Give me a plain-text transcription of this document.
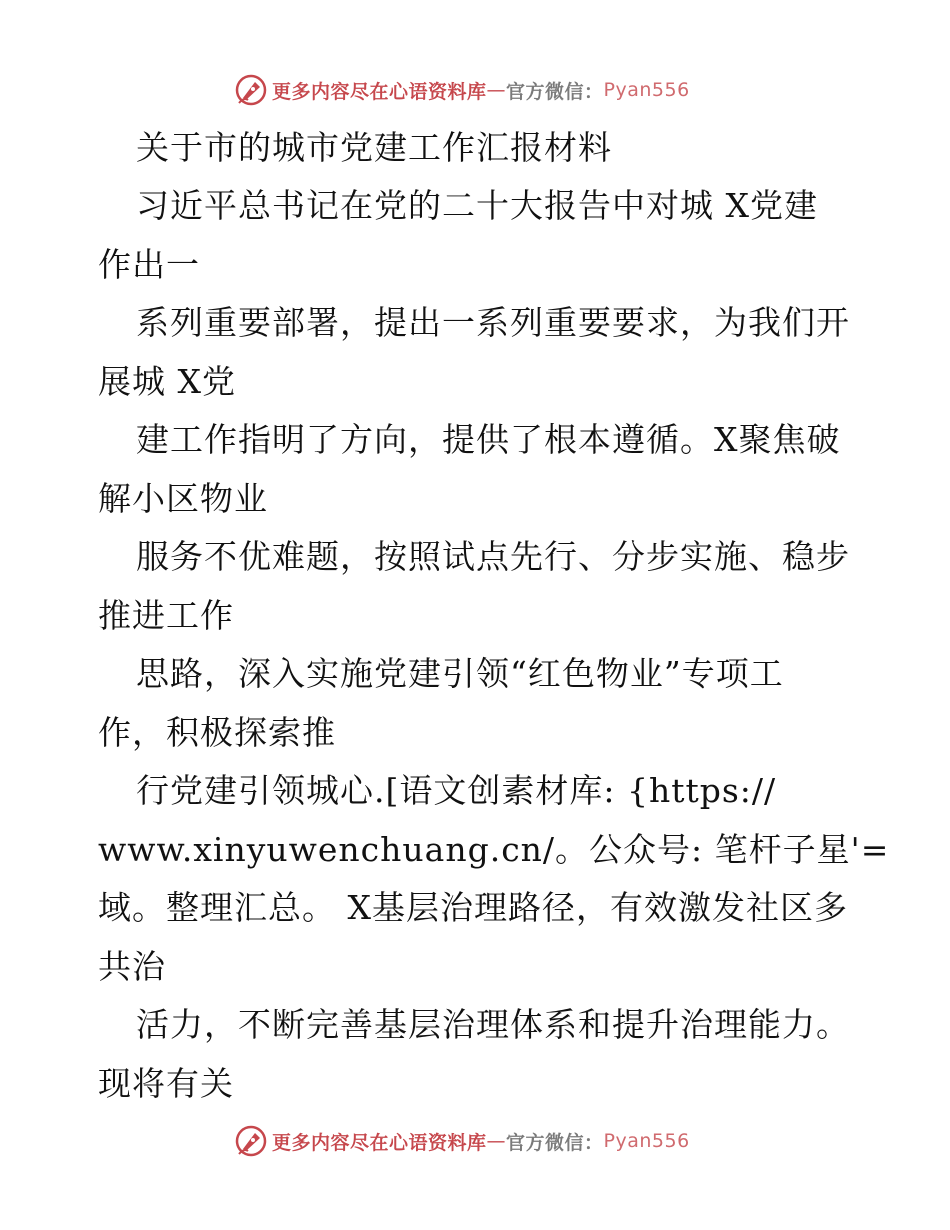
更多内容尽在心语资料库 — 官方微信： Pyan556
关于市的城市党建工作汇报材料
习近平总书记在党的二十大报告中对城 X党建
作出一
系列重要部署，提出一系列重要要求，为我们开
展城 X党
建工作指明了方向，提供了根本遵循。X聚焦破
解小区物业
服务不优难题，按照试点先行、分步实施、稳步
推进工作
思路，深入实施党建引领“红色物业”专项工
作，积极探索推
行党建引领城心.[语文创素材库: {https://
www.xinyuwenchuang.cn/。公众号: 笔杆子星'=
域。整理汇总。 X基层治理路径，有效激发社区多
共治
活力，不断完善基层治理体系和提升治理能力。
现将有关
更多内容尽在心语资料库 — 官方微信： Pyan556
